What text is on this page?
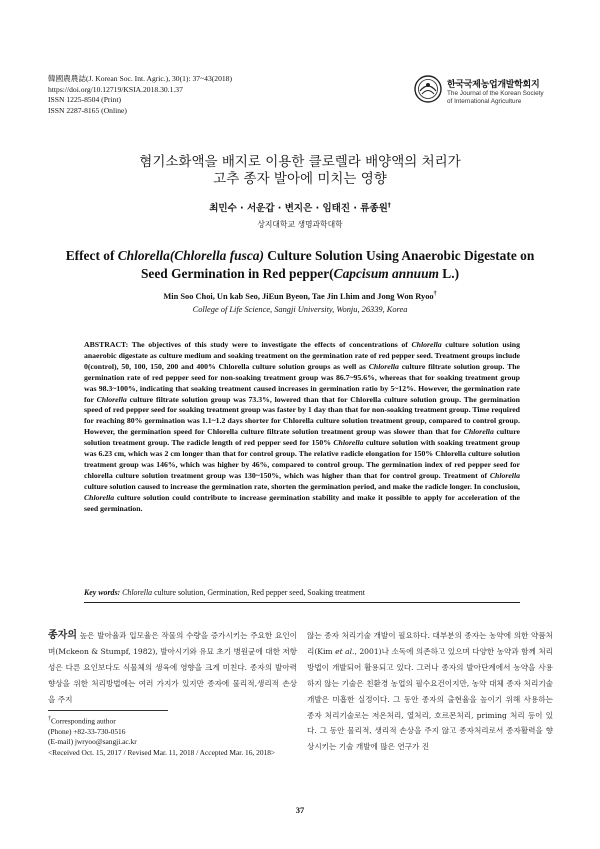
韓國農農誌(J. Korean Soc. Int. Agric.), 30(1): 37~43(2018)
https://doi.org/10.12719/KSIA.2018.30.1.37
ISSN 1225-8504 (Print)
ISSN 2287-8165 (Online)
한국국제농업개발학회지
The Journal of the Korean Society
of International Agriculture
혐기소화액을 배지로 이용한 클로렐라 배양액의 처리가
고추 종자 발아에 미치는 영향
최민수 · 서운갑 · 변지은 · 임태진 · 류종원†
상지대학교 생명과학대학
Effect of Chlorella(Chlorella fusca) Culture Solution Using Anaerobic Digestate on
Seed Germination in Red pepper(Capcisum annuum L.)
Min Soo Choi, Un kab Seo, JiEun Byeon, Tae Jin Lhim and Jong Won Ryoo†
College of Life Science, Sangji University, Wonju, 26339, Korea
ABSTRACT: The objectives of this study were to investigate the effects of concentrations of Chlorella culture solution using anaerobic digestate as culture medium and soaking treatment on the germination rate of red pepper seed. Treatment groups include 0(control), 50, 100, 150, 200 and 400% Chlorella culture solution groups as well as Chlorella culture filtrate solution group. The germination rate of red pepper seed for non-soaking treatment group was 86.7~95.6%, whereas that for soaking treatment group was 98.3~100%, indicating that soaking treatment caused increases in germination ratio by 5~12%. However, the germination rate for Chlorella culture filtrate solution group was 73.3%, lowered than that for Chlorella culture solution group. The germination speed of red pepper seed for soaking treatment group was faster by 1 day than that for non-soaking treatment group. Time required for reaching 80% germination was 1.1~1.2 days shorter for Chlorella culture solution treatment group, compared to control group. However, the germination speed for Chlorella culture filtrate solution treatment group was slower than that for Chlorella culture solution treatment group. The radicle length of red pepper seed for 150% Chlorella culture solution with soaking treatment group was 6.23 cm, which was 2 cm longer than that for control group. The relative radicle elongation for 150% Chlorella culture solution treatment group was 146%, which was higher by 46%, compared to control group. The germination index of red pepper seed for chlorella culture solution treatment group was 130~150%, which was higher than that for control group. Treatment of Chlorella culture solution caused to increase the germination rate, shorten the germination period, and make the radicle longer. In conclusion, Chlorella culture solution could contribute to increase germination stability and make it possible to apply for acceleration of the seed germination.
Key words: Chlorella culture solution, Germination, Red pepper seed, Soaking treatment
종자의 높은 발아율과 입모율은 작물의 수량을 증가시키는 주요한 요인이며(Mckeon & Stumpf, 1982), 발아시기와 유묘 초기 병원균에 대한 저항성은 다른 요인보다도 식물체의 생육에 영향을 크게 미친다. 종자의 발아력 향상을 위한 처리방법에는 여러 가지가 있지만 종자에 물리적,생리적 손상을 주지
않는 종자 처리기술 개발이 필요하다. 대부분의 종자는 농약에 의한 약품처리(Kim et al., 2001)나 소독에 의존하고 있으며 다양한 농약과 함께 처리방법이 개발되어 활용되고 있다. 그러나 종자의 발아단계에서 농약을 사용하지 않는 기술은 친환경 농업의 필수요건이지만, 농약 대체 종자 처리기술 개발은 미흡한 실정이다. 그 동안 종자의 출현율을 높이기 위해 사용하는 종자 처리기술로는 저온처리, 열처리, 호르몬처리, priming 처리 등이 있다. 그 동안 물리적, 생리적 손상을 주지 않고 종자처리로서 종자활력을 향상시키는 기술 개발에 많은 연구가 진
†Corresponding author
(Phone) +82-33-730-0516
(E-mail) jwryoo@sangji.ac.kr
<Received Oct. 15, 2017 / Revised Mar. 11, 2018 / Accepted Mar. 16, 2018>
37
